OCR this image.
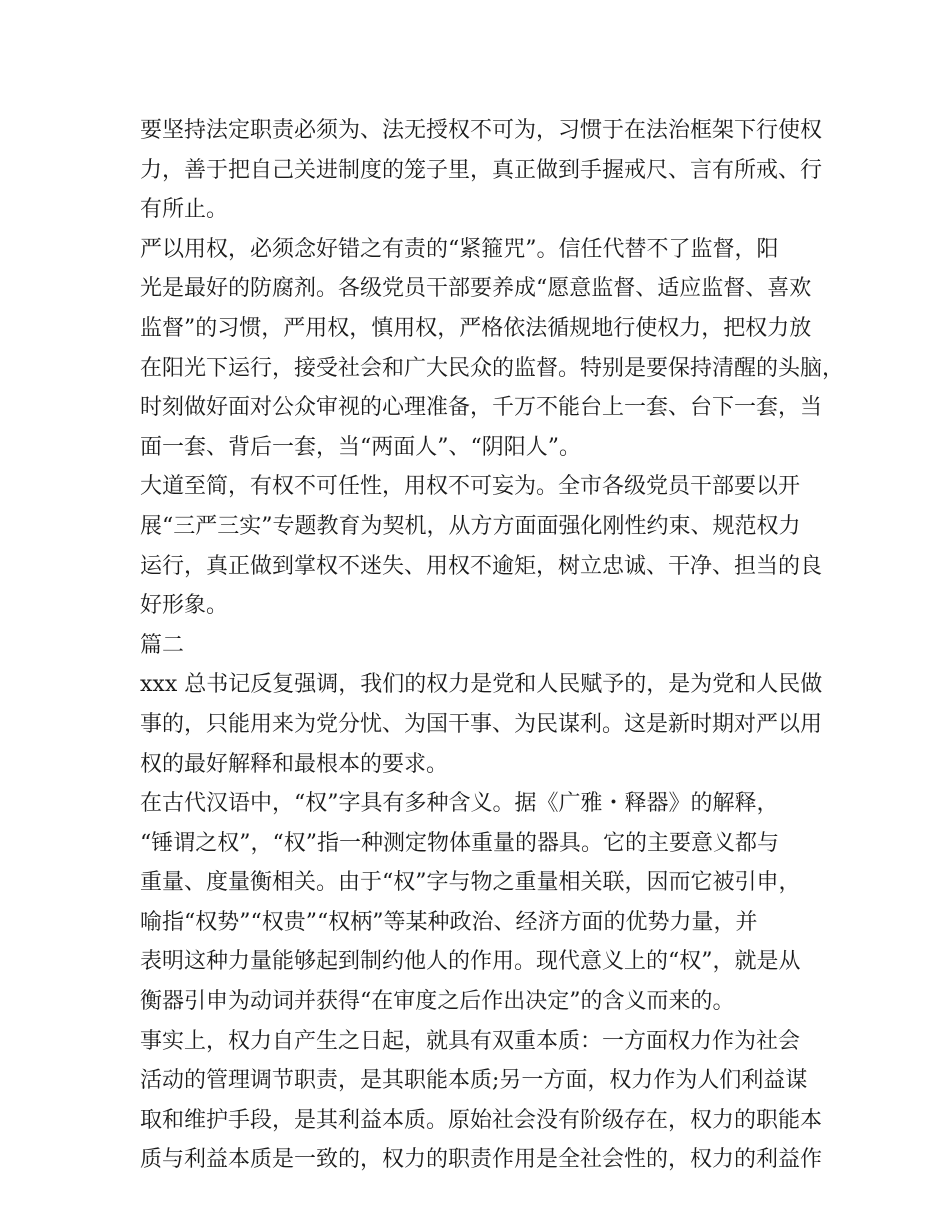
要坚持法定职责必须为、法无授权不可为，习惯于在法治框架下行使权
力，善于把自己关进制度的笼子里，真正做到手握戒尺、言有所戒、行
有所止。
严以用权，必须念好错之有责的“紧箍咒”。信任代替不了监督，阳
光是最好的防腐剂。各级党员干部要养成“愿意监督、适应监督、喜欢
监督”的习惯，严用权，慎用权，严格依法循规地行使权力，把权力放
在阳光下运行，接受社会和广大民众的监督。特别是要保持清醒的头脑，
时刻做好面对公众审视的心理准备，千万不能台上一套、台下一套，当
面一套、背后一套，当“两面人”、“阴阳人”。
大道至简，有权不可任性，用权不可妄为。全市各级党员干部要以开
展“三严三实”专题教育为契机，从方方面面强化刚性约束、规范权力
运行，真正做到掌权不迷失、用权不逾矩，树立忠诚、干净、担当的良
好形象。
篇二
xxx 总书记反复强调，我们的权力是党和人民赋予的，是为党和人民做
事的，只能用来为党分忧、为国干事、为民谋利。这是新时期对严以用
权的最好解释和最根本的要求。
在古代汉语中，“权”字具有多种含义。据《广雅・释器》的解释，
“锤谓之权”，“权”指一种测定物体重量的器具。它的主要意义都与
重量、度量衡相关。由于“权”字与物之重量相关联，因而它被引申，
喻指“权势”“权贵”“权柄”等某种政治、经济方面的优势力量，并
表明这种力量能够起到制约他人的作用。现代意义上的“权”，就是从
衡器引申为动词并获得“在审度之后作出决定”的含义而来的。
事实上，权力自产生之日起，就具有双重本质：一方面权力作为社会
活动的管理调节职责，是其职能本质;另一方面，权力作为人们利益谋
取和维护手段，是其利益本质。原始社会没有阶级存在，权力的职能本
质与利益本质是一致的，权力的职责作用是全社会性的，权力的利益作
